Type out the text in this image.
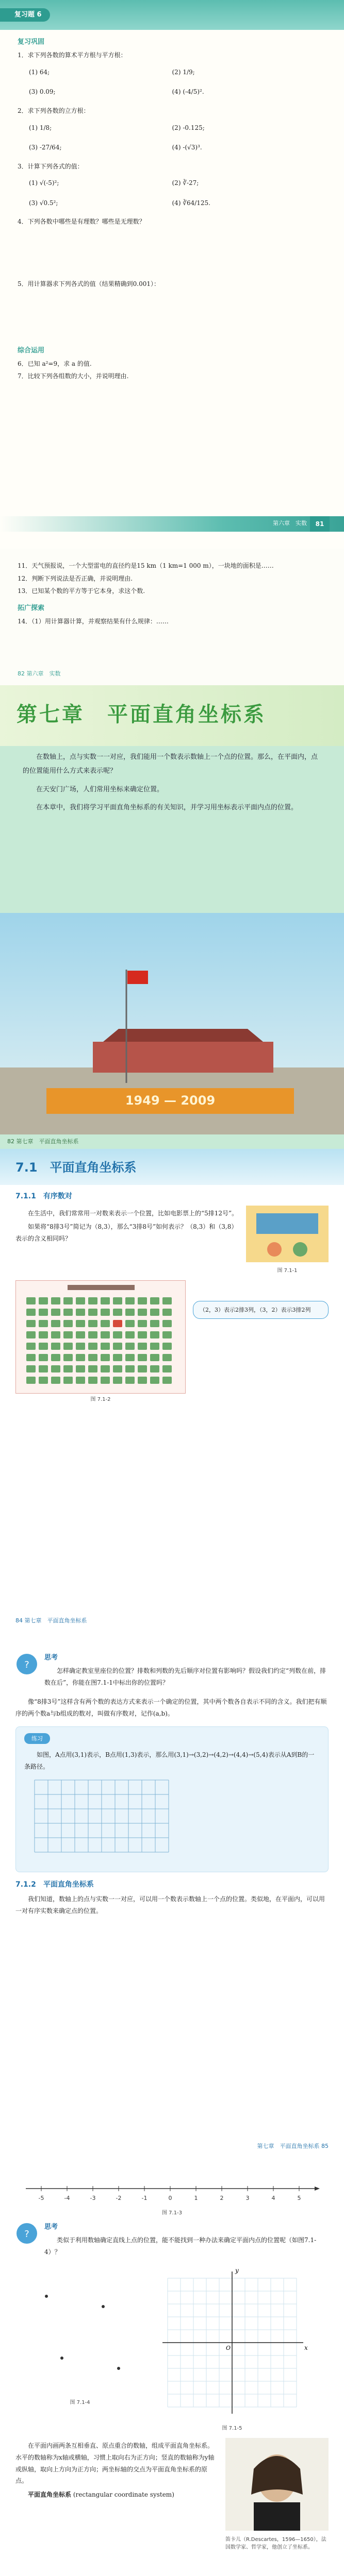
复习题 6
复习巩固
1．求下列各数的算术平方根与平方根：
(1) 64;	(2) 1/9;
(3) 0.09;	(4) (-4/5)².
2．求下列各数的立方根：
(1) 1/8;	(2) -0.125;
(3) -27/64;	(4) -(√3)³.
3．计算下列各式的值：
(1) √(-5)²;	(2) ∛-27;
(3) √0.5²;	(4) ∛64/125.
4．下列各数中哪些是有理数？哪些是无理数？
5．用计算器求下列各式的值（结果精确到0.001）：
综合运用
6．已知 a²=9，求 a 的值.
7．比较下列各组数的大小，并说明理由.
第六章　实数	81
11．天气预报说，一个大型雷电的直径约是15 km（1 km=1 000 m），一块地的面积是……
12．判断下列说法是否正确，并说明理由.
13．已知某个数的平方等于它本身，求这个数.
拓广探索
14．（1）用计算器计算，并观察结果有什么规律：……
82 第六章　实数
第七章　平面直角坐标系

在数轴上，点与实数一一对应，我们能用一个数表示数轴上一个点的位置。那么，在平面内，点的位置能用什么方式来表示呢？

在天安门广场，人们常用坐标来确定位置。

在本章中，我们将学习平面直角坐标系的有关知识，并学习用坐标表示平面内点的位置。

1949 — 2009
82 第七章　平面直角坐标系
7.1　平面直角坐标系
7.1.1　有序数对

在生活中，我们常常用一对数来表示一个位置，比如电影票上的“5排12号”。

如果将“8排3号”简记为（8,3），那么“3排8号”如何表示？（8,3）和（3,8）表示的含义相同吗？

图 7.1-1
（2，3）表示2排3列，（3，2）表示3排2列
图 7.1-2
84 第七章　平面直角坐标系
?
思考

怎样确定教室里座位的位置？排数和列数的先后顺序对位置有影响吗？假设我们约定“列数在前，排数在后”，你能在图7.1-1中标出你的位置吗？

像“8排3号”这样含有两个数的表达方式来表示一个确定的位置，其中两个数各自表示不同的含义。我们把有顺序的两个数a与b组成的数对，叫做有序数对，记作(a,b)。

练习

如图，A点用(3,1)表示，B点用(1,3)表示，那么用(3,1)→(3,2)→(4,2)→(4,4)→(5,4)表示从A到B的一条路径。

7.1.2　平面直角坐标系

我们知道，数轴上的点与实数一一对应，可以用一个数表示数轴上一个点的位置。类似地，在平面内，可以用一对有序实数来确定点的位置。

第七章　平面直角坐标系 85
-5	-4	-3	-2	-1	0	1	2	3	4	5
图 7.1-3
?
思考

类似于利用数轴确定直线上点的位置，能不能找到一种办法来确定平面内点的位置呢（如图7.1-4）？

图 7.1-4
x
y
O
图 7.1-5

在平面内画两条互相垂直、原点重合的数轴，组成平面直角坐标系。水平的数轴称为x轴或横轴，习惯上取向右为正方向；竖直的数轴称为y轴或纵轴，取向上方向为正方向；两坐标轴的交点为平面直角坐标系的原点。

平面直角坐标系 (rectangular coordinate system)

笛卡儿（R.Descartes，1596—1650），法国数学家、哲学家，他创立了坐标系。
